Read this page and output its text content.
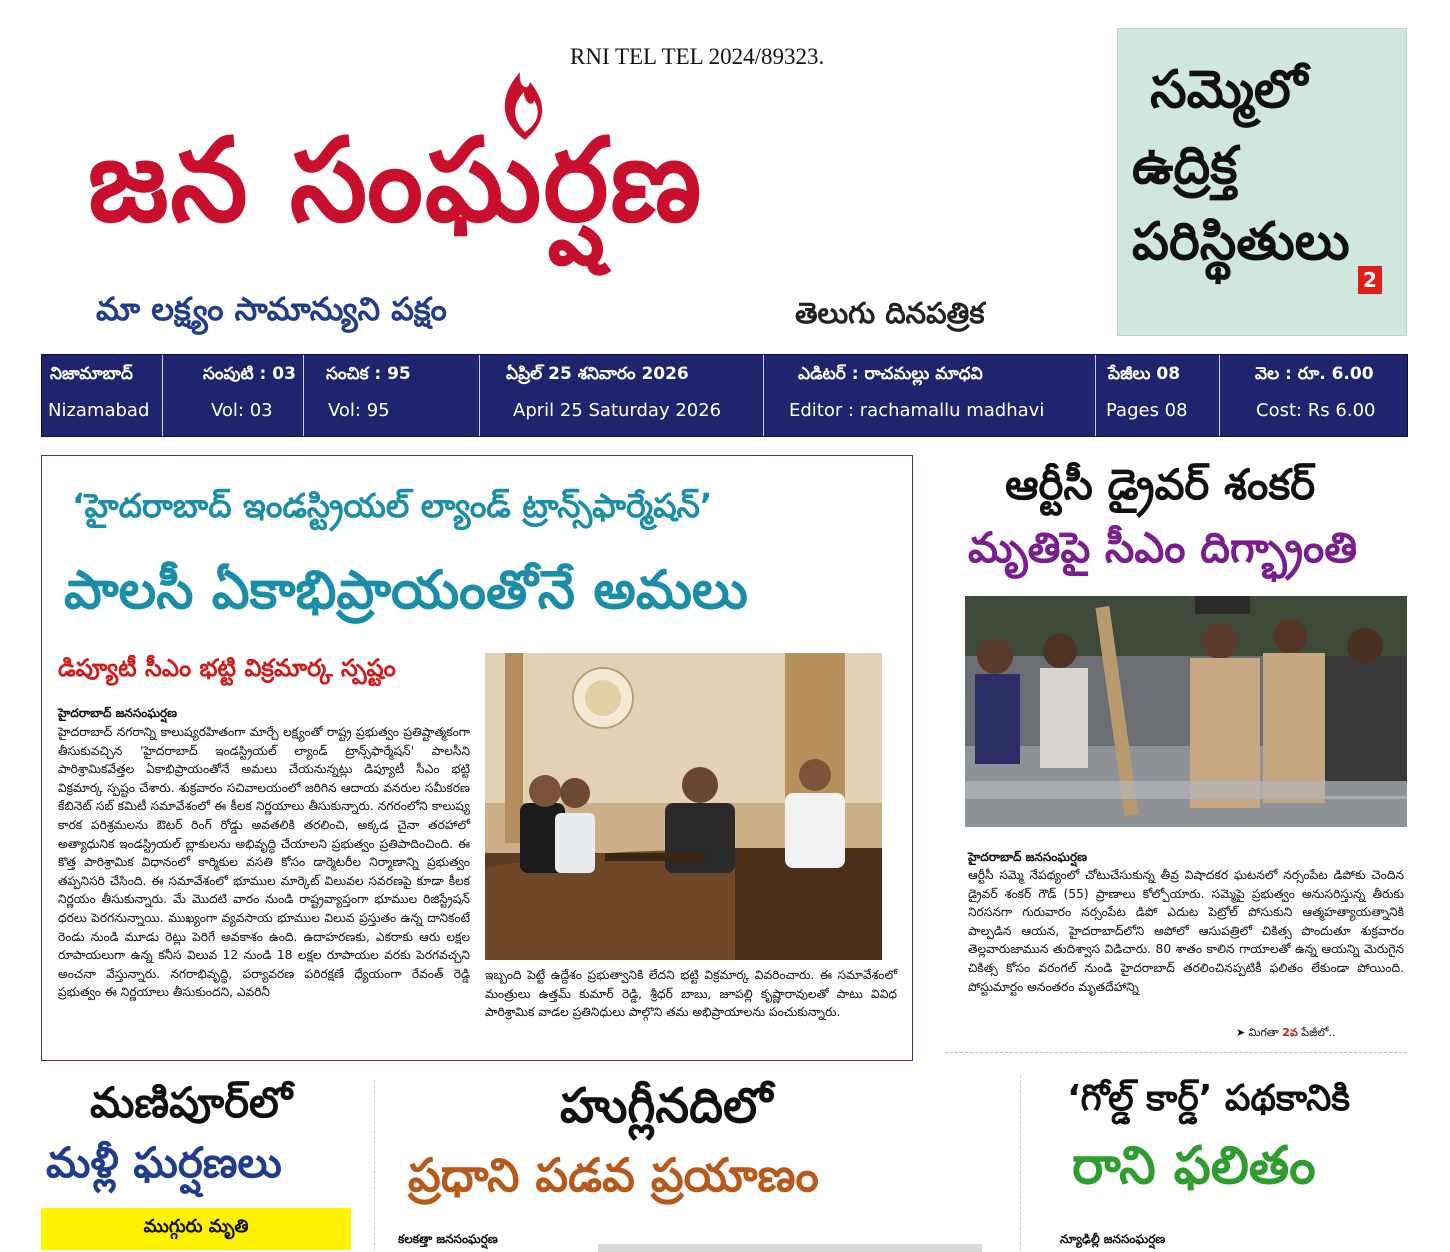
RNI TEL TEL 2024/89323.
జన సంఘర్షణ
మా లక్ష్యం సామాన్యుని పక్షం	తెలుగు దినపత్రిక
సమ్మెలో
ఉద్రిక్త
పరిస్థితులు
2
నిజామాబాద్
Nizamabad
సంపుటి : 03
Vol: 03
సంచిక : 95
Vol: 95
ఏప్రిల్ 25 శనివారం 2026
April 25 Saturday 2026
ఎడిటర్ : రాచమల్లు మాధవి
Editor : rachamallu madhavi
పేజీలు 08
Pages 08
వెల : రూ. 6.00
Cost: Rs 6.00
‘హైదరాబాద్ ఇండస్ట్రియల్ ల్యాండ్ ట్రాన్స్‌ఫార్మేషన్’
పాలసీ ఏకాభిప్రాయంతోనే అమలు
డిప్యూటీ సీఎం భట్టి విక్రమార్క స్పష్టం
హైదరాబాద్ జనసంఘర్షణ
హైదరాబాద్ నగరాన్ని కాలుష్యరహితంగా మార్చే లక్ష్యంతో రాష్ట్ర ప్రభుత్వం ప్రతిష్టాత్మకంగా తీసుకువచ్చిన 'హైదరాబాద్ ఇండస్ట్రియల్ ల్యాండ్ ట్రాన్స్‌ఫార్మేషన్' పాలసీని పారిశ్రామికవేత్తల ఏకాభిప్రాయంతోనే అమలు చేయనున్నట్లు డిప్యూటీ సీఎం భట్టి విక్రమార్క స్పష్టం చేశారు. శుక్రవారం సచివాలయంలో జరిగిన ఆదాయ వనరుల సమీకరణ కేబినెట్ సబ్ కమిటీ సమావేశంలో ఈ కీలక నిర్ణయాలు తీసుకున్నారు. నగరంలోని కాలుష్య కారక పరిశ్రమలను ఔటర్ రింగ్ రోడ్డు అవతలికి తరలించి, అక్కడ చైనా తరహాలో అత్యాధునిక ఇండస్ట్రియల్ బ్లాకులను అభివృద్ధి చేయాలని ప్రభుత్వం ప్రతిపాదించింది. ఈ కొత్త పారిశ్రామిక విధానంలో కార్మికుల వసతి కోసం డార్మెటరీల నిర్మాణాన్ని ప్రభుత్వం తప్పనిసరి చేసింది. ఈ సమావేశంలో భూముల మార్కెట్ విలువల సవరణపై కూడా కీలక నిర్ణయం తీసుకున్నారు. మే మొదటి వారం నుండి రాష్ట్రవ్యాప్తంగా భూముల రిజిస్ట్రేషన్ ధరలు పెరగనున్నాయి. ముఖ్యంగా వ్యవసాయ భూముల విలువ ప్రస్తుతం ఉన్న దానికంటే రెండు నుండి మూడు రెట్లు పెరిగే అవకాశం ఉంది. ఉదాహరణకు, ఎకరాకు ఆరు లక్షల రూపాయలుగా ఉన్న కనీస విలువ 12 నుండి 18 లక్షల రూపాయల వరకు పెరగవచ్చని అంచనా వేస్తున్నారు. నగరాభివృద్ధి, పర్యావరణ పరిరక్షణే ధ్యేయంగా రేవంత్ రెడ్డి ప్రభుత్వం ఈ నిర్ణయాలు తీసుకుందని, ఎవరినీ
ఇబ్బంది పెట్టే ఉద్దేశం ప్రభుత్వానికి లేదని భట్టి విక్రమార్క వివరించారు. ఈ సమావేశంలో మంత్రులు ఉత్తమ్ కుమార్ రెడ్డి, శ్రీధర్ బాబు, జూపల్లి కృష్ణారావులతో పాటు వివిధ పారిశ్రామిక వాడల ప్రతినిధులు పాల్గొని తమ అభిప్రాయాలను పంచుకున్నారు.
ఆర్టీసీ డ్రైవర్ శంకర్
మృతిపై సీఎం దిగ్భ్రాంతి
హైదరాబాద్ జనసంఘర్షణ
ఆర్టీసీ సమ్మె నేపథ్యంలో చోటుచేసుకున్న తీవ్ర విషాదకర ఘటనలో నర్సంపేట డిపోకు చెందిన డ్రైవర్ శంకర్ గౌడ్ (55) ప్రాణాలు కోల్పోయారు. సమ్మెపై ప్రభుత్వం అనుసరిస్తున్న తీరుకు నిరసనగా గురువారం నర్సంపేట డిపో ఎదుట పెట్రోల్ పోసుకుని ఆత్మహత్యాయత్నానికి పాల్పడిన ఆయన, హైదరాబాద్‌లోని అపోలో ఆసుపత్రిలో చికిత్స పొందుతూ శుక్రవారం తెల్లవారుజామున తుదిశ్వాస విడిచారు. 80 శాతం కాలిన గాయాలతో ఉన్న ఆయన్ని మెరుగైన చికిత్స కోసం వరంగల్ నుండి హైదరాబాద్ తరలించినప్పటికీ ఫలితం లేకుండా పోయింది. పోస్టుమార్టం అనంతరం మృతదేహాన్ని
➤ మిగతా 2వ పేజీలో..
మణిపూర్‌లో
మళ్లీ ఘర్షణలు
ముగ్గురు మృతి
హుగ్లీనదిలో
ప్రధాని పడవ ప్రయాణం
కలకత్తా జనసంఘర్షణ
‘గోల్డ్ కార్డ్’ పథకానికి
రాని ఫలితం
న్యూఢిల్లీ జనసంఘర్షణ
